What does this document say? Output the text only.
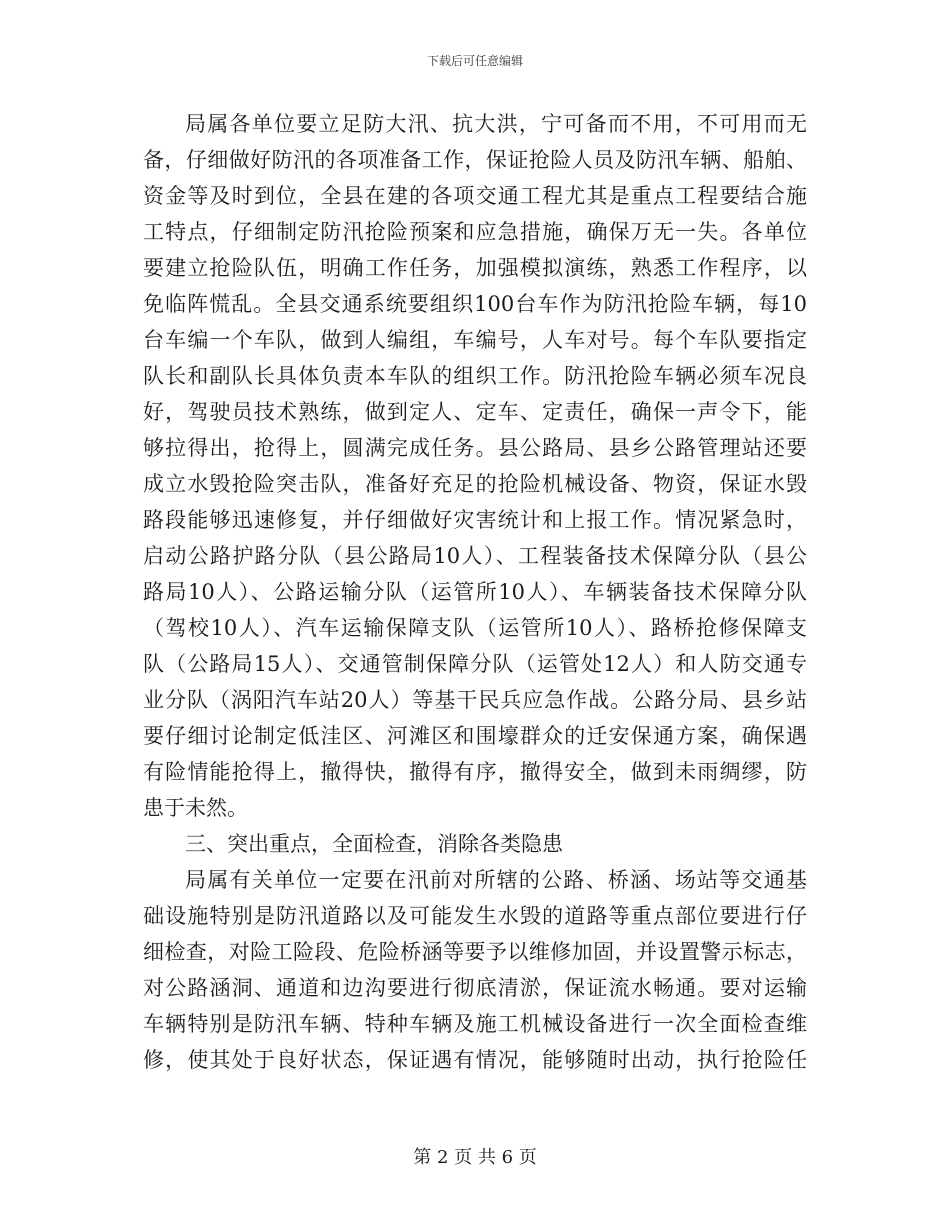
下载后可任意编辑
局属各单位要立足防大汛、抗大洪，宁可备而不用，不可用而无
备，仔细做好防汛的各项准备工作，保证抢险人员及防汛车辆、船舶、
资金等及时到位，全县在建的各项交通工程尤其是重点工程要结合施
工特点，仔细制定防汛抢险预案和应急措施，确保万无一失。各单位
要建立抢险队伍，明确工作任务，加强模拟演练，熟悉工作程序，以
免临阵慌乱。全县交通系统要组织100台车作为防汛抢险车辆，每10
台车编一个车队，做到人编组，车编号，人车对号。每个车队要指定
队长和副队长具体负责本车队的组织工作。防汛抢险车辆必须车况良
好，驾驶员技术熟练，做到定人、定车、定责任，确保一声令下，能
够拉得出，抢得上，圆满完成任务。县公路局、县乡公路管理站还要
成立水毁抢险突击队，准备好充足的抢险机械设备、物资，保证水毁
路段能够迅速修复，并仔细做好灾害统计和上报工作。情况紧急时，
启动公路护路分队（县公路局10人）、工程装备技术保障分队（县公
路局10人）、公路运输分队（运管所10人）、车辆装备技术保障分队
（驾校10人）、汽车运输保障支队（运管所10人）、路桥抢修保障支
队（公路局15人）、交通管制保障分队（运管处12人）和人防交通专
业分队（涡阳汽车站20人）等基干民兵应急作战。公路分局、县乡站
要仔细讨论制定低洼区、河滩区和围壕群众的迁安保通方案，确保遇
有险情能抢得上，撤得快，撤得有序，撤得安全，做到未雨绸缪，防
患于未然。
三、突出重点，全面检查，消除各类隐患
局属有关单位一定要在汛前对所辖的公路、桥涵、场站等交通基
础设施特别是防汛道路以及可能发生水毁的道路等重点部位要进行仔
细检查，对险工险段、危险桥涵等要予以维修加固，并设置警示标志，
对公路涵洞、通道和边沟要进行彻底清淤，保证流水畅通。要对运输
车辆特别是防汛车辆、特种车辆及施工机械设备进行一次全面检查维
修，使其处于良好状态，保证遇有情况，能够随时出动，执行抢险任
第 2 页 共 6 页
